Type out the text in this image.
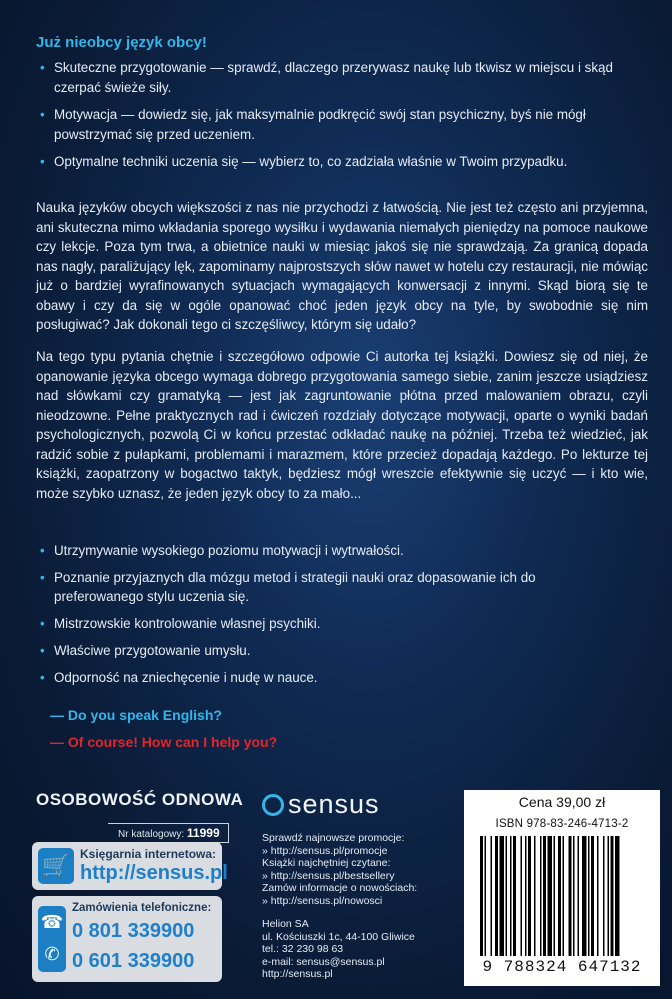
Już nieobcy język obcy!
• Skuteczne przygotowanie — sprawdź, dlaczego przerywasz naukę lub tkwisz w miejscu i skąd czerpać świeże siły.
• Motywacja — dowiedz się, jak maksymalnie podkręcić swój stan psychiczny, byś nie mógł powstrzymać się przed uczeniem.
• Optymalne techniki uczenia się — wybierz to, co zadziała właśnie w Twoim przypadku.

Nauka języków obcych większości z nas nie przychodzi z łatwością. Nie jest też często ani przyjemna, ani skuteczna mimo wkładania sporego wysiłku i wydawania niemałych pieniędzy na pomoce naukowe czy lekcje. Poza tym trwa, a obietnice nauki w miesiąc jakoś się nie sprawdzają. Za granicą dopada nas nagły, paraliżujący lęk, zapominamy najprostszych słów nawet w hotelu czy restauracji, nie mówiąc już o bardziej wyrafinowanych sytuacjach wymagających konwersacji z innymi. Skąd biorą się te obawy i czy da się w ogóle opanować choć jeden język obcy na tyle, by swobodnie się nim posługiwać? Jak dokonali tego ci szczęśliwcy, którym się udało?

Na tego typu pytania chętnie i szczegółowo odpowie Ci autorka tej książki. Dowiesz się od niej, że opanowanie języka obcego wymaga dobrego przygotowania samego siebie, zanim jeszcze usiądziesz nad słówkami czy gramatyką — jest jak zagruntowanie płótna przed malowaniem obrazu, czyli nieodzowne. Pełne praktycznych rad i ćwiczeń rozdziały dotyczące motywacji, oparte o wyniki badań psychologicznych, pozwolą Ci w końcu przestać odkładać naukę na później. Trzeba też wiedzieć, jak radzić sobie z pułapkami, problemami i marazmem, które przecież dopadają każdego. Po lekturze tej książki, zaopatrzony w bogactwo taktyk, będziesz mógł wreszcie efektywnie się uczyć — i kto wie, może szybko uznasz, że jeden język obcy to za mało...

• Utrzymywanie wysokiego poziomu motywacji i wytrwałości.
• Poznanie przyjaznych dla mózgu metod i strategii nauki oraz dopasowanie ich do preferowanego stylu uczenia się.
• Mistrzowskie kontrolowanie własnej psychiki.
• Właściwe przygotowanie umysłu.
• Odporność na zniechęcenie i nudę w nauce.
— Do you speak English?
— Of course! How can I help you?
OSOBOWOŚĆ ODNOWA
Nr katalogowy: 11999
🛒 Księgarnia internetowa:
http://sensus.pl
☎
✆
Zamówienia telefoniczne:
0 801 339900
0 601 339900
sensus
Sprawdź najnowsze promocje:
» http://sensus.pl/promocje
Książki najchętniej czytane:
» http://sensus.pl/bestsellery
Zamów informacje o nowościach:
» http://sensus.pl/nowosci
Helion SA
ul. Kościuszki 1c, 44-100 Gliwice
tel.: 32 230 98 63
e-mail: sensus@sensus.pl
http://sensus.pl
Cena 39,00 zł
ISBN 978-83-246-4713-2
9 788324 647132
